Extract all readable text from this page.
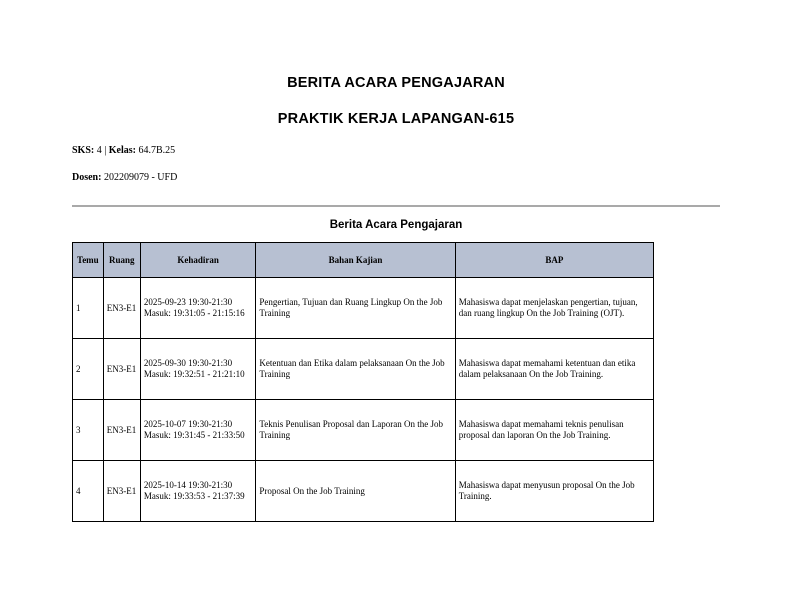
BERITA ACARA PENGAJARAN
PRAKTIK KERJA LAPANGAN-615
SKS: 4 | Kelas: 64.7B.25
Dosen: 202209079 - UFD
Berita Acara Pengajaran
Temu	Ruang	Kehadiran	Bahan Kajian	BAP
1	EN3-E1	2025-09-23 19:30-21:30
Masuk: 19:31:05 - 21:15:16	Pengertian, Tujuan dan Ruang Lingkup On the Job Training	Mahasiswa dapat menjelaskan pengertian, tujuan, dan ruang lingkup On the Job Training (OJT).
2	EN3-E1	2025-09-30 19:30-21:30
Masuk: 19:32:51 - 21:21:10	Ketentuan dan Etika dalam pelaksanaan On the Job Training	Mahasiswa dapat memahami ketentuan dan etika dalam pelaksanaan On the Job Training.
3	EN3-E1	2025-10-07 19:30-21:30
Masuk: 19:31:45 - 21:33:50	Teknis Penulisan Proposal dan Laporan On the Job Training	Mahasiswa dapat memahami teknis penulisan proposal dan laporan On the Job Training.
4	EN3-E1	2025-10-14 19:30-21:30
Masuk: 19:33:53 - 21:37:39	Proposal On the Job Training	Mahasiswa dapat menyusun proposal On the Job Training.
